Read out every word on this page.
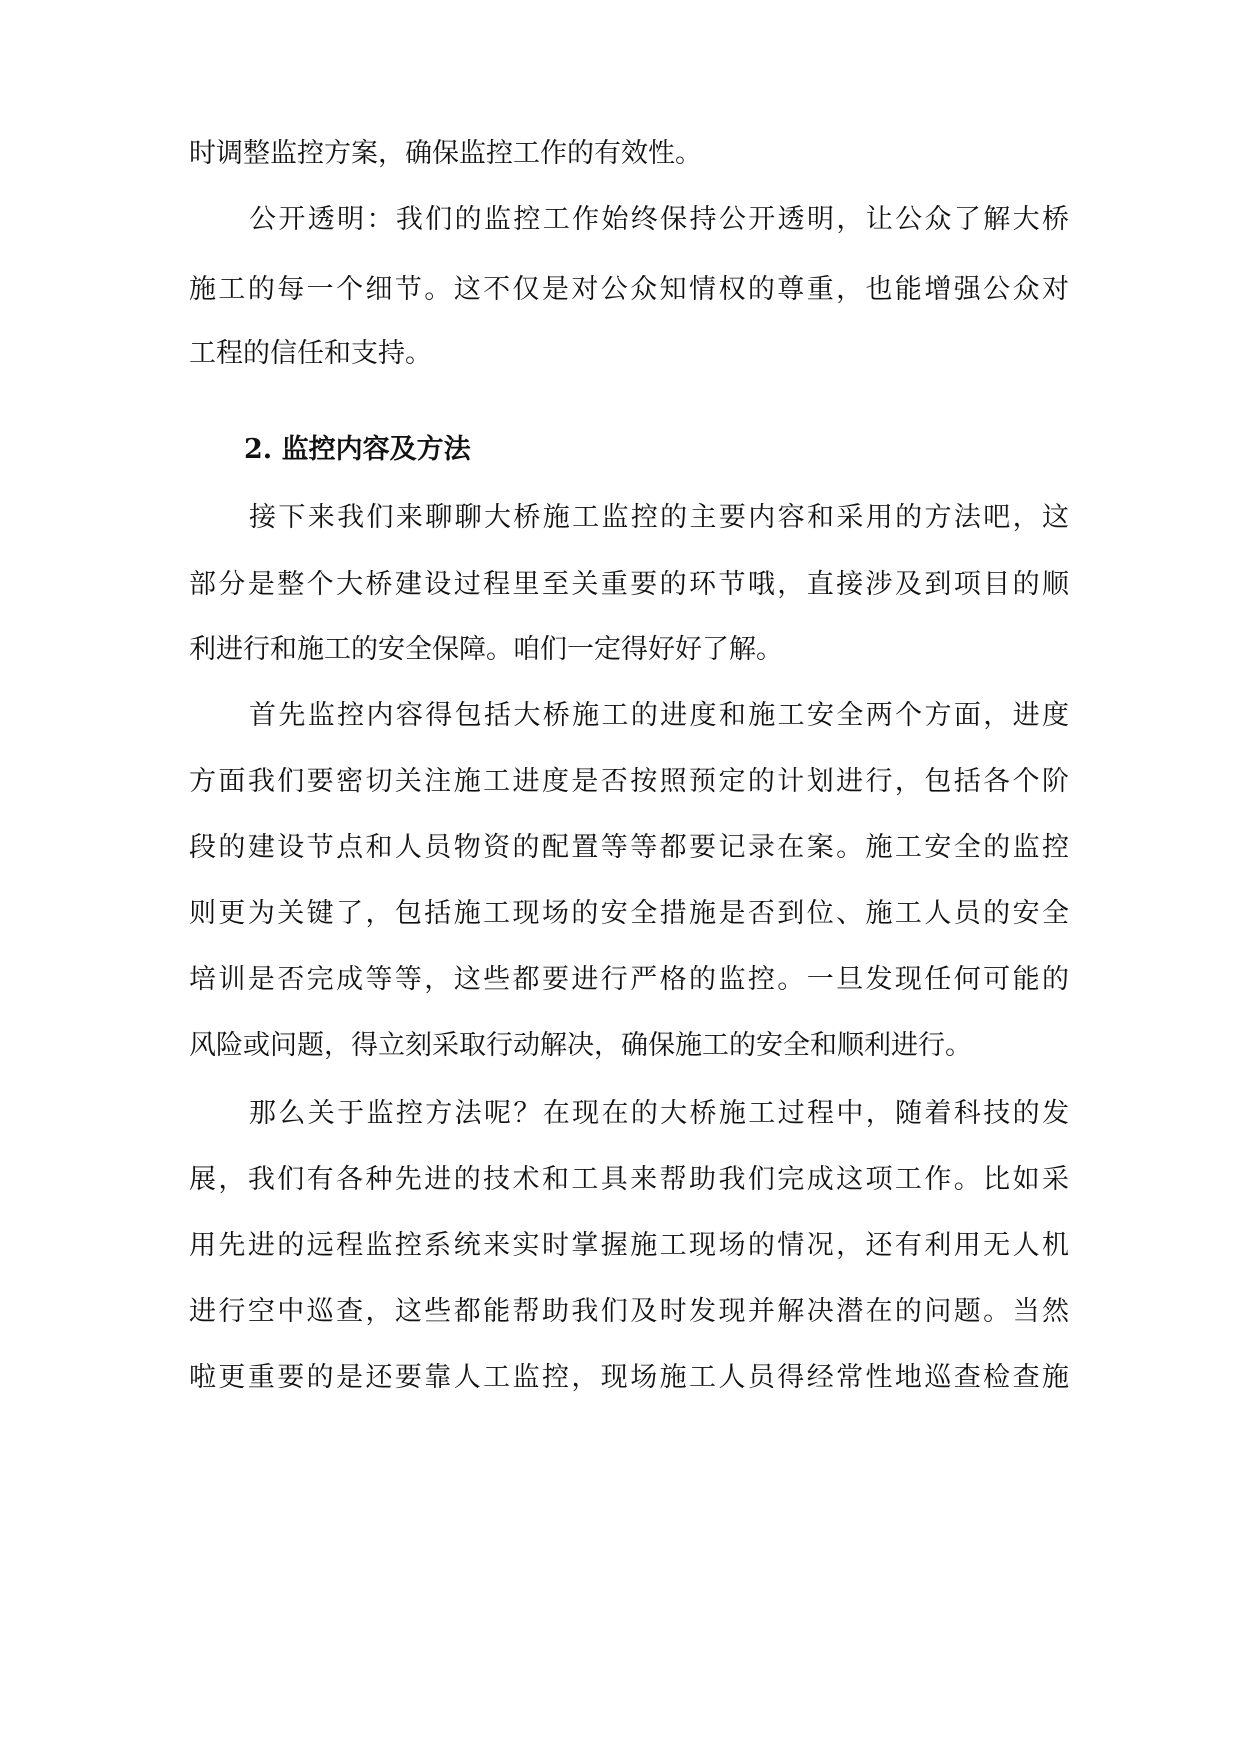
时调整监控方案，确保监控工作的有效性。
公开透明：我们的监控工作始终保持公开透明，让公众了解大桥
施工的每一个细节。这不仅是对公众知情权的尊重，也能增强公众对
工程的信任和支持。
2. 监控内容及方法
接下来我们来聊聊大桥施工监控的主要内容和采用的方法吧，这
部分是整个大桥建设过程里至关重要的环节哦，直接涉及到项目的顺
利进行和施工的安全保障。咱们一定得好好了解。
首先监控内容得包括大桥施工的进度和施工安全两个方面，进度
方面我们要密切关注施工进度是否按照预定的计划进行，包括各个阶
段的建设节点和人员物资的配置等等都要记录在案。施工安全的监控
则更为关键了，包括施工现场的安全措施是否到位、施工人员的安全
培训是否完成等等，这些都要进行严格的监控。一旦发现任何可能的
风险或问题，得立刻采取行动解决，确保施工的安全和顺利进行。
那么关于监控方法呢？在现在的大桥施工过程中，随着科技的发
展，我们有各种先进的技术和工具来帮助我们完成这项工作。比如采
用先进的远程监控系统来实时掌握施工现场的情况，还有利用无人机
进行空中巡查，这些都能帮助我们及时发现并解决潜在的问题。当然
啦更重要的是还要靠人工监控，现场施工人员得经常性地巡查检查施
